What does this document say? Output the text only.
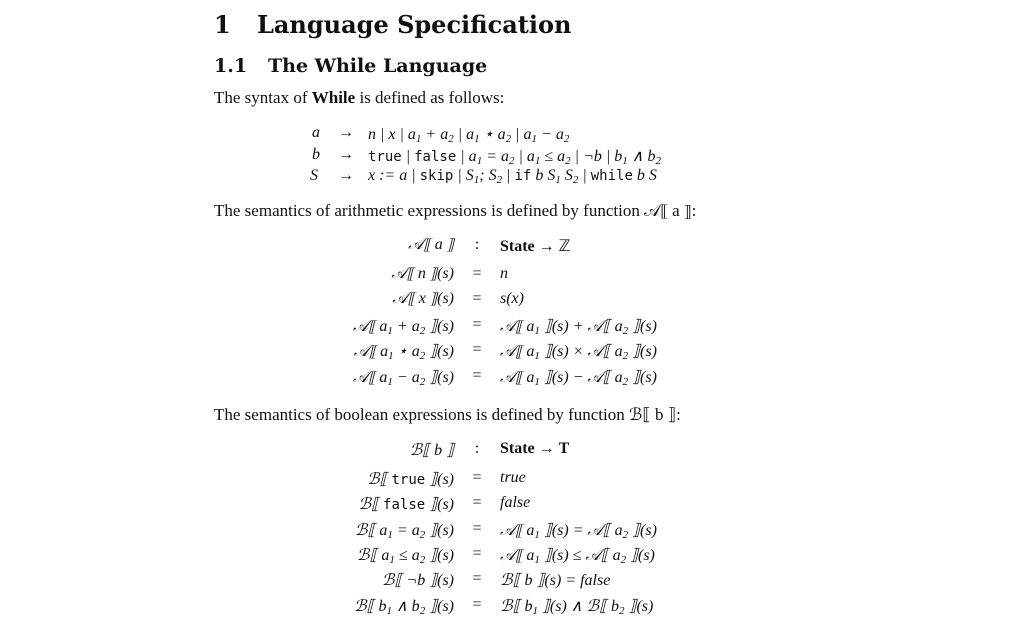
1 Language Specification
1.1 The While Language
The syntax of While is defined as follows:
a → n | x | $a_1 + a_2$ | $a_1$ ⋆ $a_2$ | $a_1 - a_2$
b → true | false | $a_1 = a_2$ | $a_1 \le a_2$ | ¬b | $b_1$ ∧ $b_2$
S → x := a | skip | $S_1$; $S_2$ | if b $S_1$ $S_2$ | while b S
The semantics of arithmetic expressions is defined by function 𝒜⟦ a ⟧:
𝒜⟦ a ⟧	:	State → ℤ
𝒜⟦ n ⟧(s) = n
𝒜⟦ x ⟧(s) = s(x)
𝒜⟦ $a_1 + a_2$ ⟧(s) = 𝒜⟦ $a_1$ ⟧(s) + 𝒜⟦ $a_2$ ⟧(s)
𝒜⟦ $a_1$ ⋆ $a_2$ ⟧(s) = 𝒜⟦ $a_1$ ⟧(s) × 𝒜⟦ $a_2$ ⟧(s)
𝒜⟦ $a_1 - a_2$ ⟧(s) = 𝒜⟦ $a_1$ ⟧(s) − 𝒜⟦ $a_2$ ⟧(s)
The semantics of boolean expressions is defined by function ℬ⟦ b ⟧:
ℬ⟦ b ⟧	:	State → T
ℬ⟦ true ⟧(s) = true
ℬ⟦ false ⟧(s) = false
ℬ⟦ $a_1 = a_2$ ⟧(s) = 𝒜⟦ $a_1$ ⟧(s) = 𝒜⟦ $a_2$ ⟧(s)
ℬ⟦ $a_1 \le a_2$ ⟧(s) = 𝒜⟦ $a_1$ ⟧(s) ≤ 𝒜⟦ $a_2$ ⟧(s)
ℬ⟦ ¬b ⟧(s) = ℬ⟦ b ⟧(s) = false
ℬ⟦ $b_1$ ∧ $b_2$ ⟧(s) = ℬ⟦ $b_1$ ⟧(s) ∧ ℬ⟦ $b_2$ ⟧(s)
